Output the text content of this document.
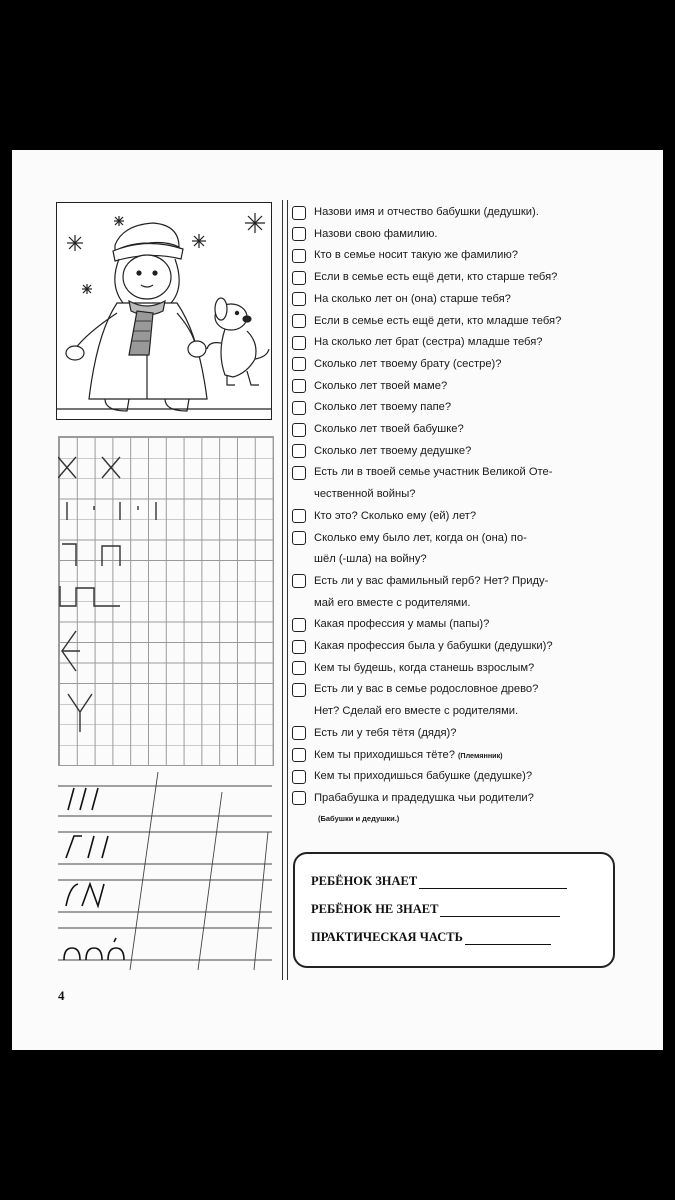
Назови имя и отчество бабушки (дедушки).
Назови свою фамилию.
Кто в семье носит такую же фамилию?
Если в семье есть ещё дети, кто старше тебя?
На сколько лет он (она) старше тебя?
Если в семье есть ещё дети, кто младше тебя?
На сколько лет брат (сестра) младше тебя?
Сколько лет твоему брату (сестре)?
Сколько лет твоей маме?
Сколько лет твоему папе?
Сколько лет твоей бабушке?
Сколько лет твоему дедушке?
Есть ли в твоей семье участник Великой Оте-
чественной войны?
Кто это? Сколько ему (ей) лет?
Сколько ему было лет, когда он (она) по-
шёл (-шла) на войну?
Есть ли у вас фамильный герб? Нет? Приду-
май его вместе с родителями.
Какая профессия у мамы (папы)?
Какая профессия была у бабушки (дедушки)?
Кем ты будешь, когда станешь взрослым?
Есть ли у вас в семье родословное древо?
Нет? Сделай его вместе с родителями.
Есть ли у тебя тётя (дядя)?
Кем ты приходишься тёте? (Племянник)
Кем ты приходишься бабушке (дедушке)?
Прабабушка и прадедушка чьи родители?
(Бабушки и дедушки.)
РЕБЁНОК ЗНАЕТ
РЕБЁНОК НЕ ЗНАЕТ
ПРАКТИЧЕСКАЯ ЧАСТЬ
4
